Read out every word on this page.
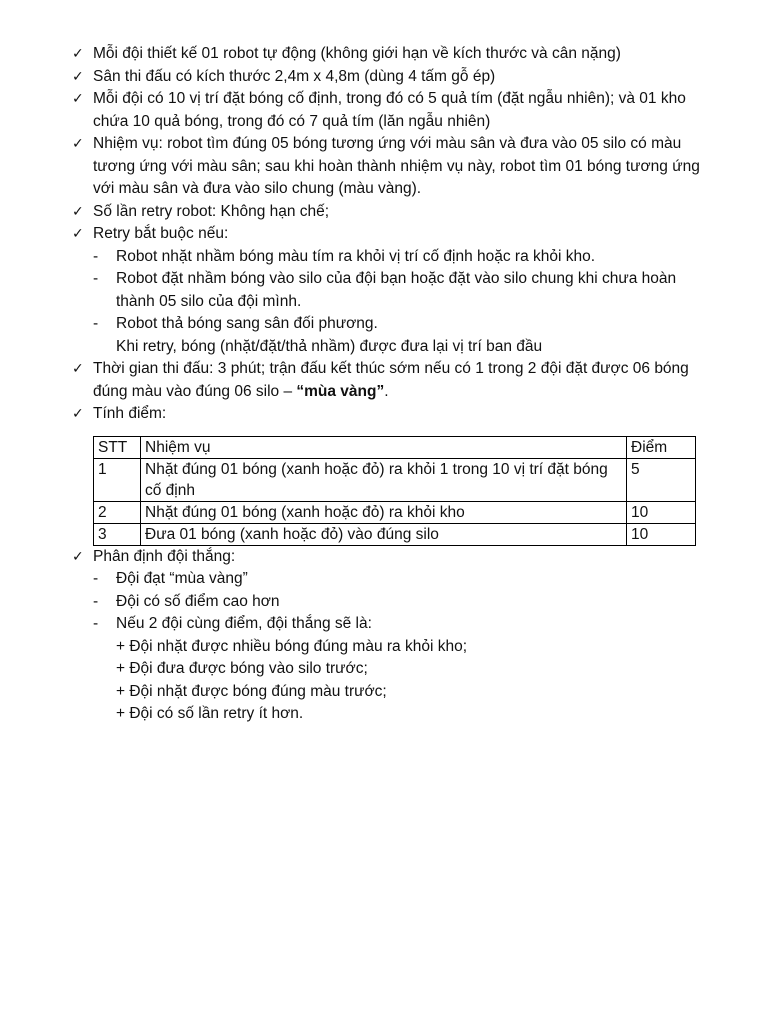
✓ Mỗi đội thiết kế 01 robot tự động (không giới hạn về kích thước và cân nặng)
✓ Sân thi đấu có kích thước 2,4m x 4,8m (dùng 4 tấm gỗ ép)
✓ Mỗi đội có 10 vị trí đặt bóng cố định, trong đó có 5 quả tím (đặt ngẫu nhiên); và 01 kho chứa 10 quả bóng, trong đó có 7 quả tím (lăn ngẫu nhiên)
✓ Nhiệm vụ: robot tìm đúng 05 bóng tương ứng với màu sân và đưa vào 05 silo có màu tương ứng với màu sân; sau khi hoàn thành nhiệm vụ này, robot tìm 01 bóng tương ứng với màu sân và đưa vào silo chung (màu vàng).
✓ Số lần retry robot: Không hạn chế;
✓ Retry bắt buộc nếu:
- Robot nhặt nhầm bóng màu tím ra khỏi vị trí cố định hoặc ra khỏi kho.
- Robot đặt nhầm bóng vào silo của đội bạn hoặc đặt vào silo chung khi chưa hoàn thành 05 silo của đội mình.
- Robot thả bóng sang sân đối phương.
Khi retry, bóng (nhặt/đặt/thả nhầm) được đưa lại vị trí ban đầu
✓ Thời gian thi đấu: 3 phút; trận đấu kết thúc sớm nếu có 1 trong 2 đội đặt được 06 bóng đúng màu vào đúng 06 silo – “mùa vàng”.
✓ Tính điểm:
STT	Nhiệm vụ	Điểm
1	Nhặt đúng 01 bóng (xanh hoặc đỏ) ra khỏi 1 trong 10 vị trí đặt bóng cố định	5
2	Nhặt đúng 01 bóng (xanh hoặc đỏ) ra khỏi kho	10
3	Đưa 01 bóng (xanh hoặc đỏ) vào đúng silo	10
✓ Phân định đội thắng:
- Đội đạt “mùa vàng”
- Đội có số điểm cao hơn
- Nếu 2 đội cùng điểm, đội thắng sẽ là:
+ Đội nhặt được nhiều bóng đúng màu ra khỏi kho;
+ Đội đưa được bóng vào silo trước;
+ Đội nhặt được bóng đúng màu trước;
+ Đội có số lần retry ít hơn.
